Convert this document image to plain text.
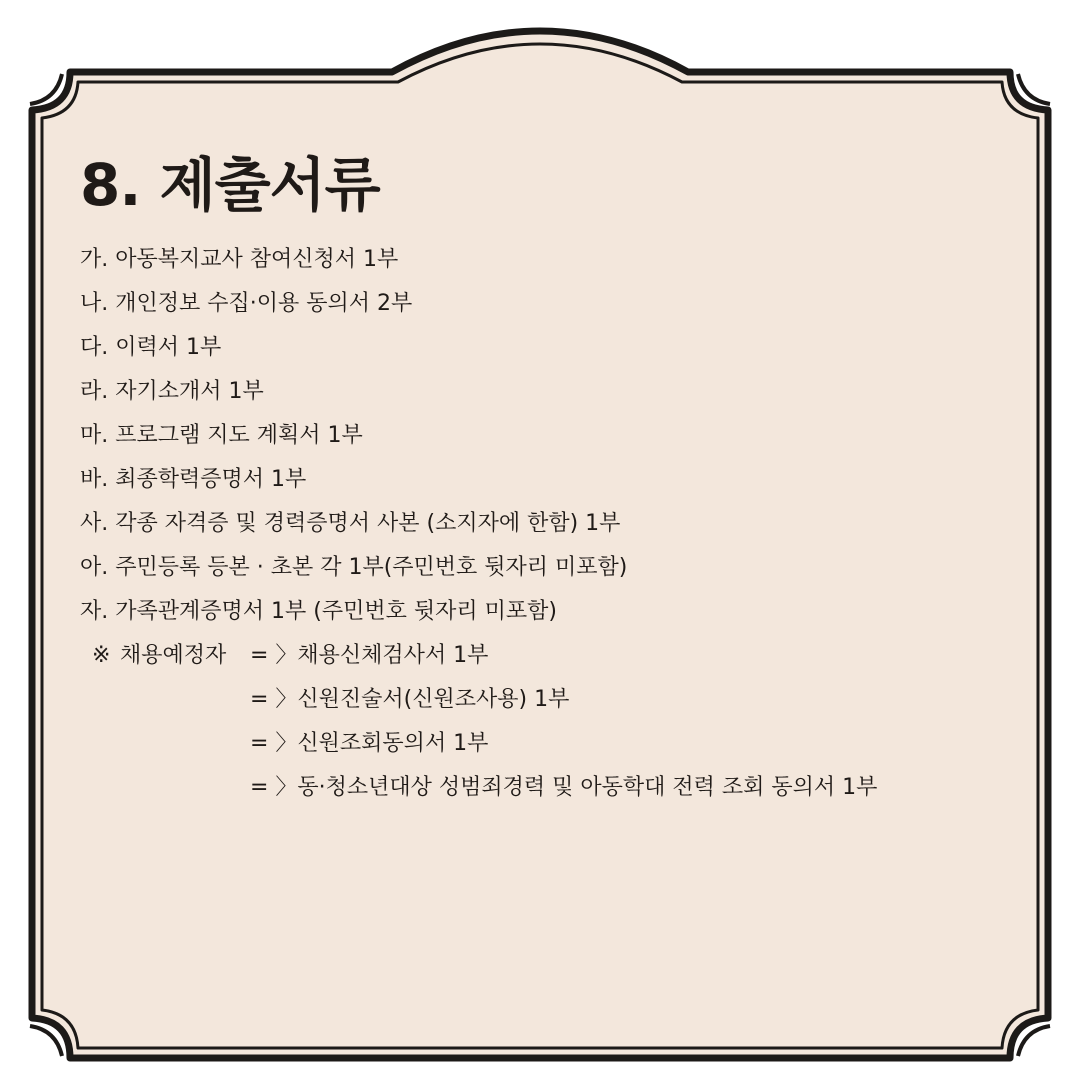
8. 제출서류
가. 아동복지교사 참여신청서 1부
나. 개인정보 수집·이용 동의서 2부
다. 이력서 1부
라. 자기소개서 1부
마. 프로그램 지도 계획서 1부
바. 최종학력증명서 1부
사. 각종 자격증 및 경력증명서 사본 (소지자에 한함) 1부
아. 주민등록 등본 · 초본 각 1부(주민번호 뒷자리 미포함)
자. 가족관계증명서 1부 (주민번호 뒷자리 미포함)
※ 채용예정자 = 〉채용신체검사서 1부
= 〉신원진술서(신원조사용) 1부
= 〉신원조회동의서 1부
= 〉동·청소년대상 성범죄경력 및 아동학대 전력 조회 동의서 1부
